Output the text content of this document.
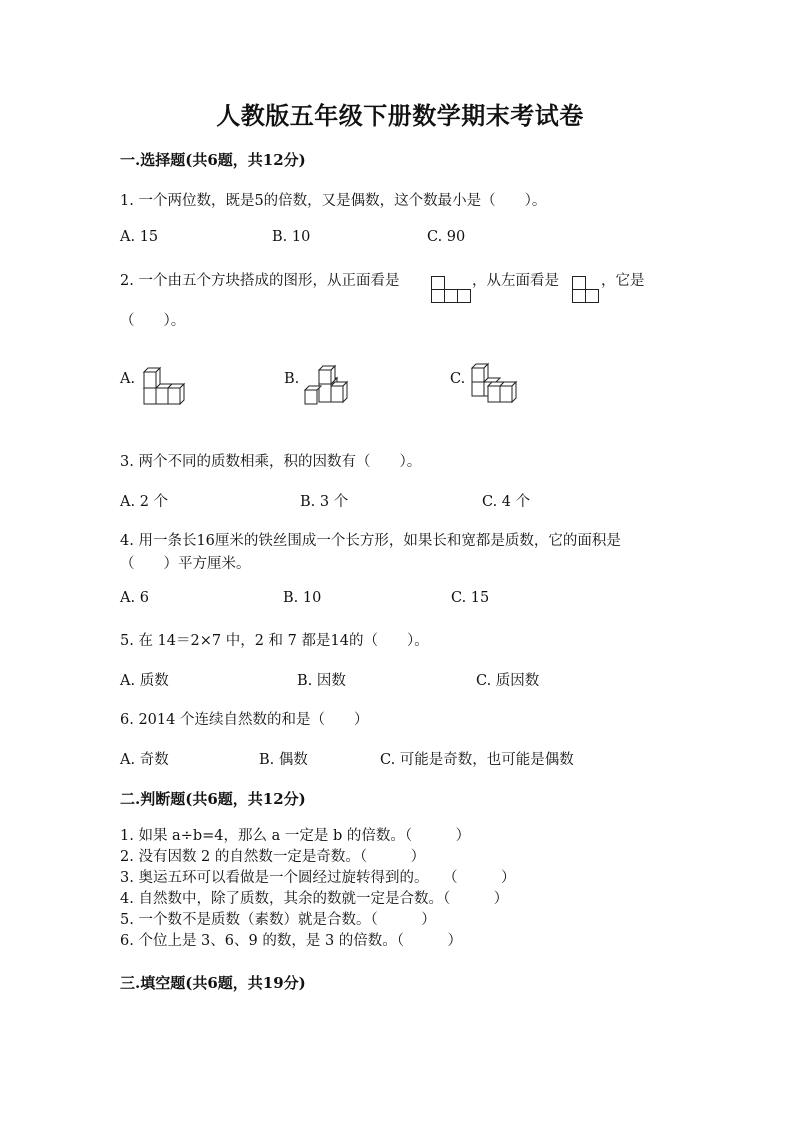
人教版五年级下册数学期末考试卷
一.选择题(共6题，共12分)
1. 一个两位数，既是5的倍数，又是偶数，这个数最小是（　　）。
A. 15	B. 10	C. 90
2. 一个由五个方块搭成的图形，从正面看是	，从左面看是	，它是
（　　）。
A.	B.	C.
3. 两个不同的质数相乘，积的因数有（　　）。
A. 2 个	B. 3 个	C. 4 个
4. 用一条长16厘米的铁丝围成一个长方形，如果长和宽都是质数，它的面积是
（　　）平方厘米。
A. 6	B. 10	C. 15
5. 在 14＝2×7 中，2 和 7 都是14的（　　）。
A. 质数	B. 因数	C. 质因数
6. 2014 个连续自然数的和是（　　）
A. 奇数	B. 偶数	C. 可能是奇数，也可能是偶数
二.判断题(共6题，共12分)
1. 如果 a÷b=4，那么 a 一定是 b 的倍数。（　　　）
2. 没有因数 2 的自然数一定是奇数。（　　　）
3. 奥运五环可以看做是一个圆经过旋转得到的。　　（　　　）
4. 自然数中，除了质数，其余的数就一定是合数。（　　　）
5. 一个数不是质数（素数）就是合数。（　　　）
6. 个位上是 3、6、9 的数，是 3 的倍数。（　　　）
三.填空题(共6题，共19分)
